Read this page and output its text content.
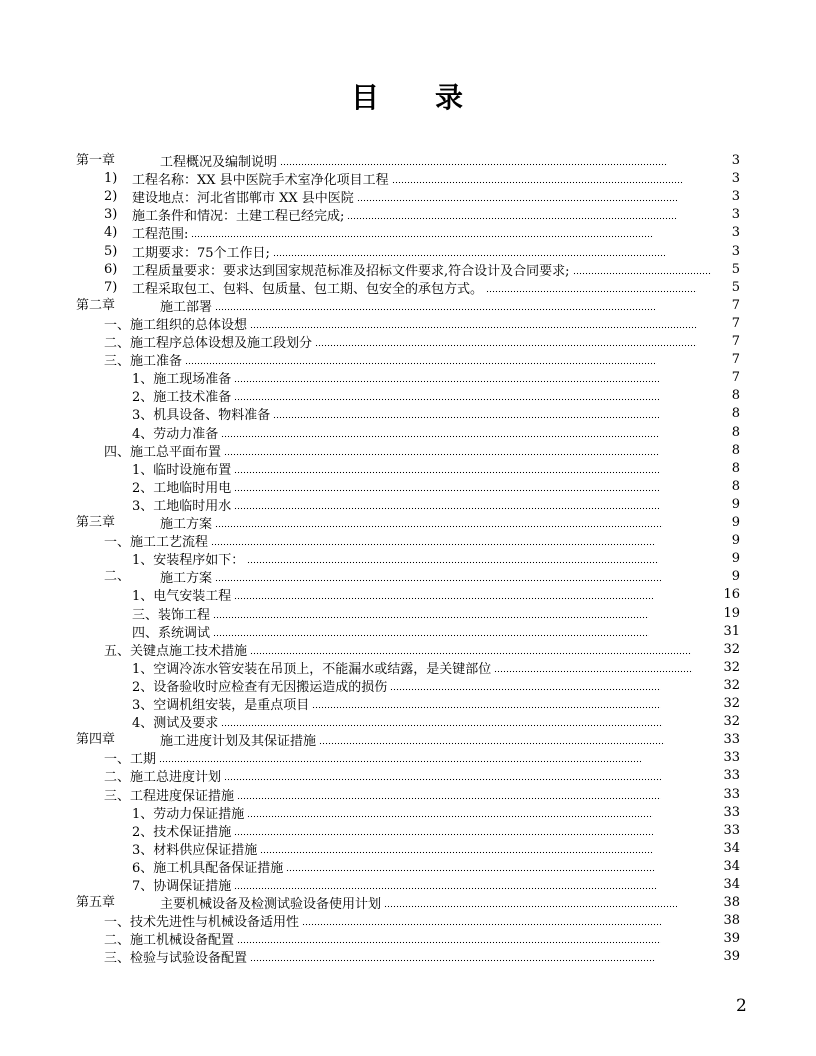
目 录
第一章	工程概况及编制说明	3
1) 工程名称：XX 县中医院手术室净化项目工程	3
2) 建设地点：河北省邯郸市 XX 县中医院	3
3) 施工条件和情况：土建工程已经完成;	3
4) 工程范围:	3
5) 工期要求：75个工作日;	3
6) 工程质量要求：要求达到国家规范标准及招标文件要求,符合设计及合同要求;	5
7) 工程采取包工、包料、包质量、包工期、包安全的承包方式。	5
第二章	施工部署	7
一、施工组织的总体设想	7
二、施工程序总体设想及施工段划分	7
三、施工准备	7
1、施工现场准备	7
2、施工技术准备	8
3、机具设备、物料准备	8
4、劳动力准备	8
四、施工总平面布置	8
1、临时设施布置	8
2、工地临时用电	8
3、工地临时用水	9
第三章	施工方案	9
一、施工工艺流程	9
1、安装程序如下：	9
二、 施工方案	9
1、电气安装工程	16
三、装饰工程	19
四、系统调试	31
五、关键点施工技术措施	32
1、空调冷冻水管安装在吊顶上，不能漏水或结露，是关键部位	32
2、设备验收时应检查有无因搬运造成的损伤	32
3、空调机组安装，是重点项目	32
4、测试及要求	32
第四章	施工进度计划及其保证措施	33
一、工期	33
二、施工总进度计划	33
三、工程进度保证措施	33
1、劳动力保证措施	33
2、技术保证措施	33
3、材料供应保证措施	34
6、施工机具配备保证措施	34
7、协调保证措施	34
第五章	主要机械设备及检测试验设备使用计划	38
一、技术先进性与机械设备适用性	38
二、施工机械设备配置	39
三、检验与试验设备配置	39
2
